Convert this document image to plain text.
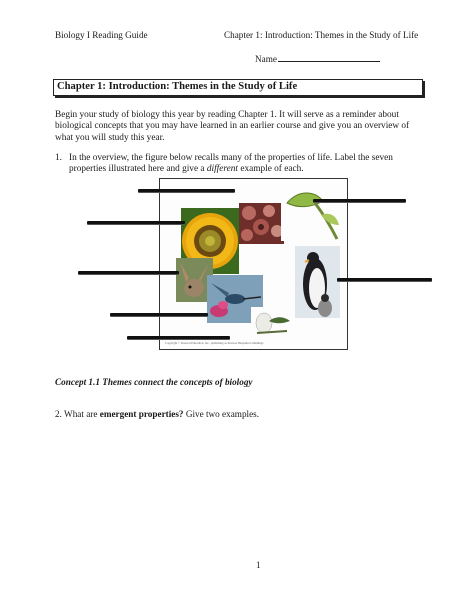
Biology I Reading Guide	Chapter 1: Introduction: Themes in the Study of Life
Name
Chapter 1: Introduction: Themes in the Study of Life
Begin your study of biology this year by reading Chapter 1. It will serve as a reminder about biological concepts that you may have learned in an earlier course and give you an overview of what you will study this year.
1. In the overview, the figure below recalls many of the properties of life. Label the seven properties illustrated here and give a different example of each.
Copyright © Pearson Education, Inc., publishing as Pearson Benjamin Cummings
Concept 1.1 Themes connect the concepts of biology
2. What are emergent properties? Give two examples.
1
